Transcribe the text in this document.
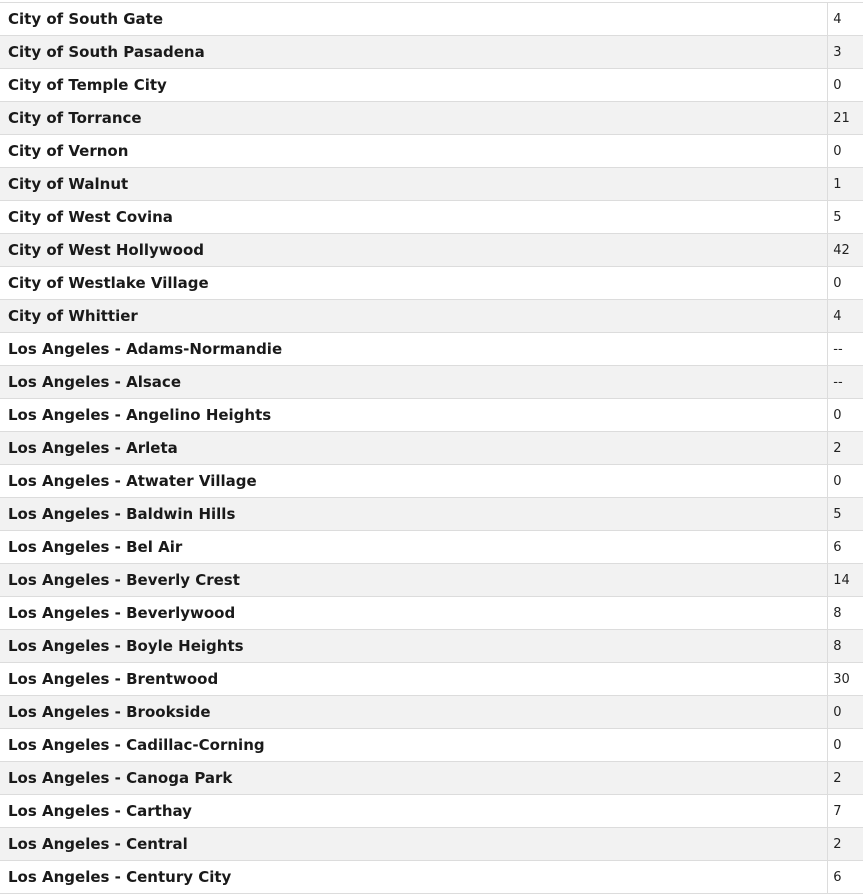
City of South Gate	4
City of South Pasadena	3
City of Temple City	0
City of Torrance	21
City of Vernon	0
City of Walnut	1
City of West Covina	5
City of West Hollywood	42
City of Westlake Village	0
City of Whittier	4
Los Angeles - Adams-Normandie	--
Los Angeles - Alsace	--
Los Angeles - Angelino Heights	0
Los Angeles - Arleta	2
Los Angeles - Atwater Village	0
Los Angeles - Baldwin Hills	5
Los Angeles - Bel Air	6
Los Angeles - Beverly Crest	14
Los Angeles - Beverlywood	8
Los Angeles - Boyle Heights	8
Los Angeles - Brentwood	30
Los Angeles - Brookside	0
Los Angeles - Cadillac-Corning	0
Los Angeles - Canoga Park	2
Los Angeles - Carthay	7
Los Angeles - Central	2
Los Angeles - Century City	6
